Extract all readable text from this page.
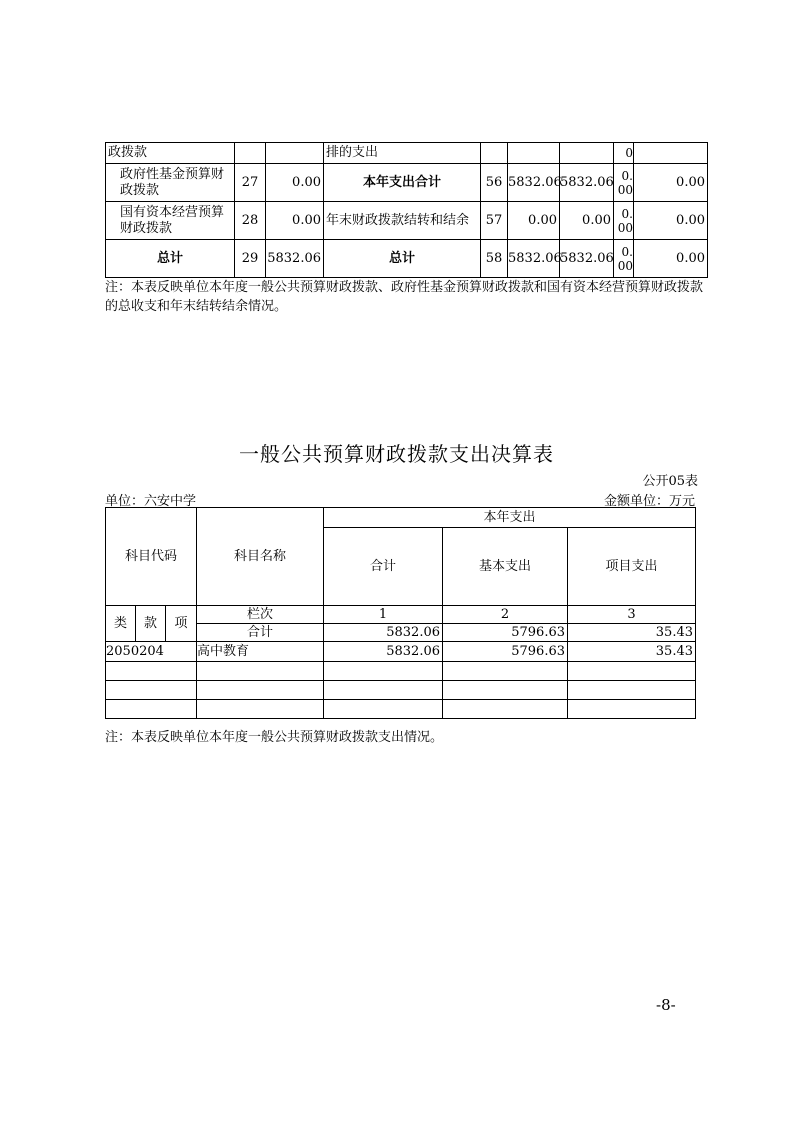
政拨款			排的支出				0	
政府性基金预算财政拨款	27	0.00	本年支出合计	56	5832.06	5832.06	0.00	0.00
国有资本经营预算财政拨款	28	0.00	年末财政拨款结转和结余	57	0.00	0.00	0.00	0.00
总计	29	5832.06	总计	58	5832.06	5832.06	0.00	0.00
注：本表反映单位本年度一般公共预算财政拨款、政府性基金预算财政拨款和国有资本经营预算财政拨款的总收支和年末结转结余情况。
一般公共预算财政拨款支出决算表
公开05表
单位：六安中学	金额单位：万元
科目代码			科目名称	本年支出		
				合计	基本支出	项目支出
类	款	项	栏次	1	2	3
			合计	5832.06	5796.63	35.43
2050204			高中教育	5832.06	5796.63	35.43

注：本表反映单位本年度一般公共预算财政拨款支出情况。
-8-
